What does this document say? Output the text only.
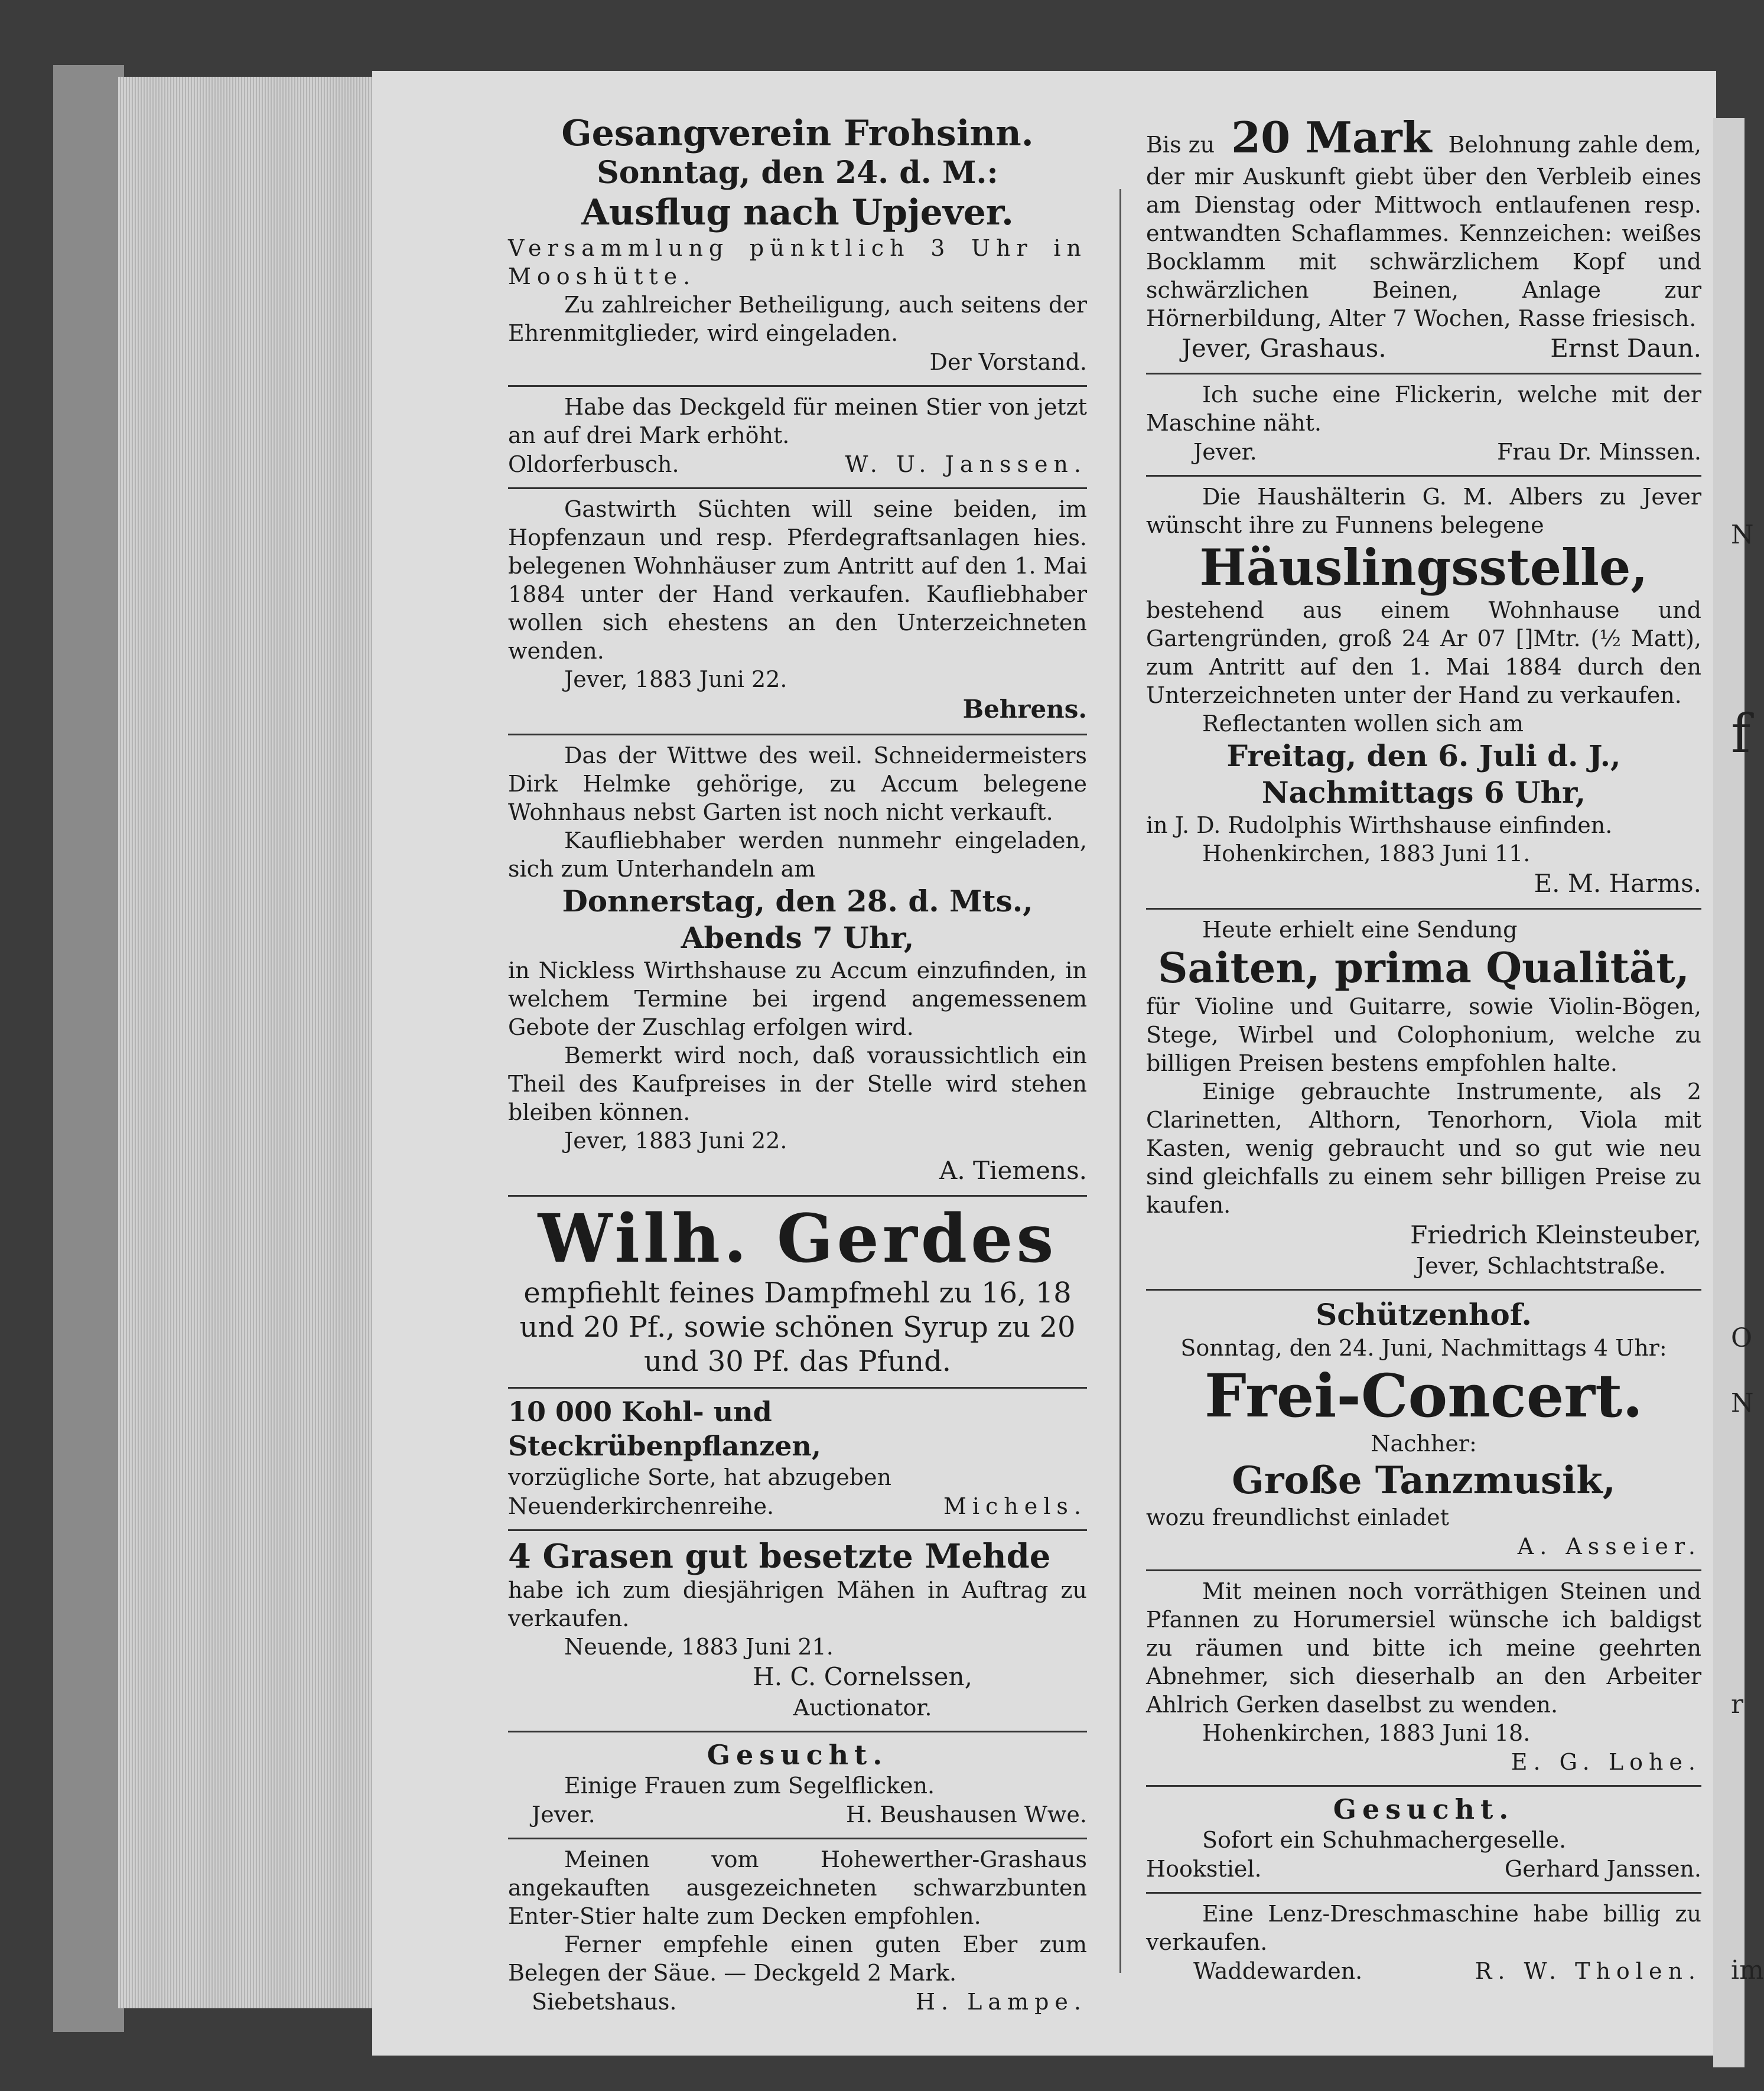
N
f
O
N
r
im
Gesangverein Frohsinn.
Sonntag, den 24. d. M.:
Ausflug nach Upjever.

Versammlung pünktlich 3 Uhr in Mooshütte.

Zu zahlreicher Betheiligung, auch seitens der Ehrenmitglieder, wird eingeladen.

Der Vorstand.

Habe das Deckgeld für meinen Stier von jetzt an auf drei Mark erhöht.

Oldorferbusch.	W. U. Janssen.

Gastwirth Süchten will seine beiden, im Hopfenzaun und resp. Pferdegraftsanlagen hies. belegenen Wohnhäuser zum Antritt auf den 1. Mai 1884 unter der Hand verkaufen. Kaufliebhaber wollen sich ehestens an den Unterzeichneten wenden.

Jever, 1883 Juni 22.

Behrens.

Das der Wittwe des weil. Schneidermeisters Dirk Helmke gehörige, zu Accum belegene Wohnhaus nebst Garten ist noch nicht verkauft.

Kaufliebhaber werden nunmehr eingeladen, sich zum Unterhandeln am

Donnerstag, den 28. d. Mts.,
Abends 7 Uhr,

in Nickless Wirthshause zu Accum einzufinden, in welchem Termine bei irgend angemessenem Gebote der Zuschlag erfolgen wird.

Bemerkt wird noch, daß voraussichtlich ein Theil des Kaufpreises in der Stelle wird stehen bleiben können.

Jever, 1883 Juni 22.

A. Tiemens.
Wilh. Gerdes

empfiehlt feines Dampfmehl zu 16, 18 und 20 Pf., sowie schönen Syrup zu 20 und 30 Pf. das Pfund.

10 000 Kohl- und Steckrübenpflanzen,

vorzügliche Sorte, hat abzugeben

Neuenderkirchenreihe.	Michels.
4 Grasen gut besetzte Mehde

habe ich zum diesjährigen Mähen in Auftrag zu verkaufen.

Neuende, 1883 Juni 21.

H. C. Cornelssen,
Auctionator.
Gesucht.

Einige Frauen zum Segelflicken.

Jever.	H. Beushausen Wwe.

Meinen vom Hohewerther-Grashaus angekauften ausgezeichneten schwarzbunten Enter-Stier halte zum Decken empfohlen.

Ferner empfehle einen guten Eber zum Belegen der Säue. — Deckgeld 2 Mark.

Siebetshaus.	H. Lampe.
Bis zu 20 Mark Belohnung zahle dem,

der mir Auskunft giebt über den Verbleib eines am Dienstag oder Mittwoch entlaufenen resp. entwandten Schaflammes. Kennzeichen: weißes Bocklamm mit schwärzlichem Kopf und schwärzlichen Beinen, Anlage zur Hörnerbildung, Alter 7 Wochen, Rasse friesisch.

Jever, Grashaus.	Ernst Daun.

Ich suche eine Flickerin, welche mit der Maschine näht.

Jever.	Frau Dr. Minssen.

Die Haushälterin G. M. Albers zu Jever wünscht ihre zu Funnens belegene

Häuslingsstelle,

bestehend aus einem Wohnhause und Gartengründen, groß 24 Ar 07 []Mtr. (½ Matt), zum Antritt auf den 1. Mai 1884 durch den Unterzeichneten unter der Hand zu verkaufen.

Reflectanten wollen sich am

Freitag, den 6. Juli d. J.,
Nachmittags 6 Uhr,

in J. D. Rudolphis Wirthshause einfinden.

Hohenkirchen, 1883 Juni 11.

E. M. Harms.

Heute erhielt eine Sendung

Saiten, prima Qualität,

für Violine und Guitarre, sowie Violin-Bögen, Stege, Wirbel und Colophonium, welche zu billigen Preisen bestens empfohlen halte.

Einige gebrauchte Instrumente, als 2 Clarinetten, Althorn, Tenorhorn, Viola mit Kasten, wenig gebraucht und so gut wie neu sind gleichfalls zu einem sehr billigen Preise zu kaufen.

Friedrich Kleinsteuber,
Jever, Schlachtstraße.
Schützenhof.
Sonntag, den 24. Juni, Nachmittags 4 Uhr:
Frei-Concert.
Nachher:
Große Tanzmusik,

wozu freundlichst einladet

A. Asseier.

Mit meinen noch vorräthigen Steinen und Pfannen zu Horumersiel wünsche ich baldigst zu räumen und bitte ich meine geehrten Abnehmer, sich dieserhalb an den Arbeiter Ahlrich Gerken daselbst zu wenden.

Hohenkirchen, 1883 Juni 18.

E. G. Lohe.
Gesucht.

Sofort ein Schuhmachergeselle.

Hookstiel.	Gerhard Janssen.

Eine Lenz-Dreschmaschine habe billig zu verkaufen.

Waddewarden.	R. W. Tholen.
